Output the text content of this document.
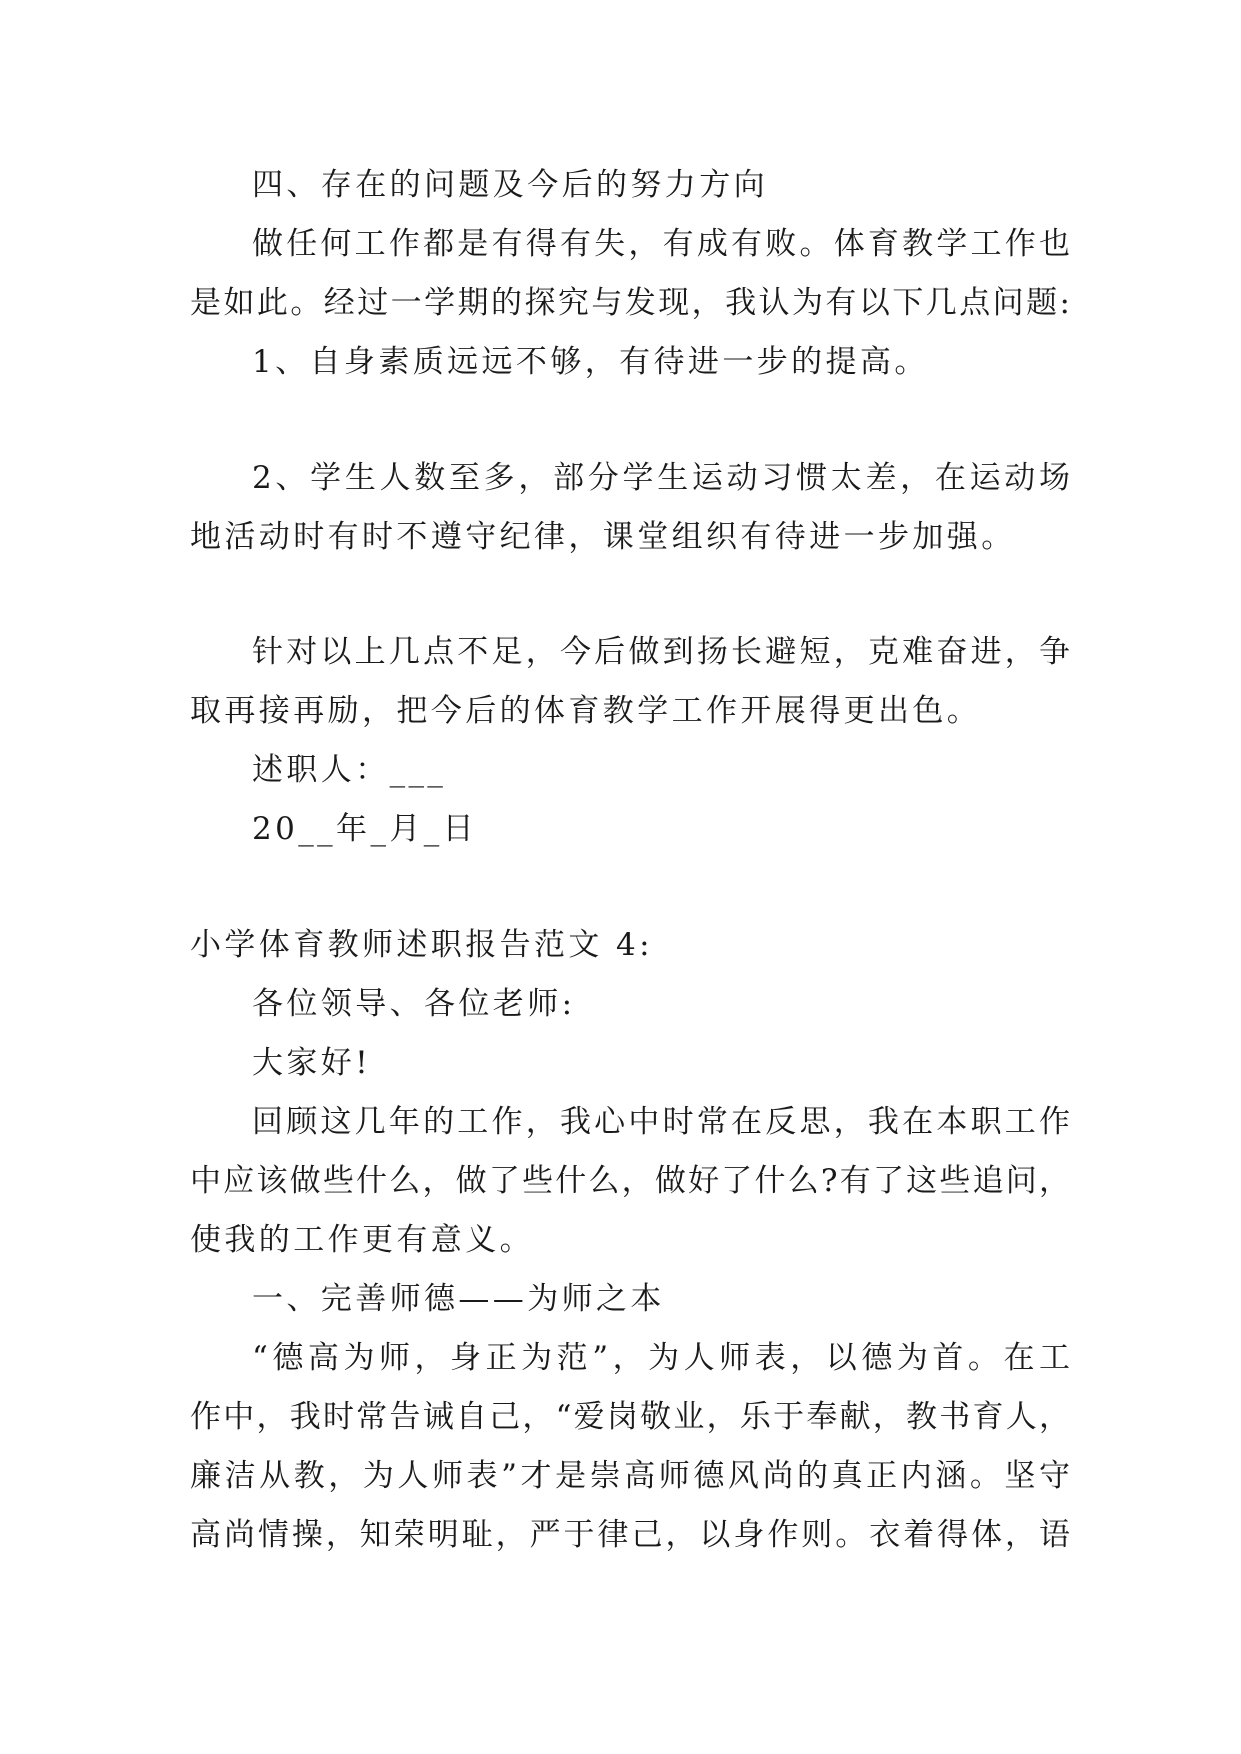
四、存在的问题及今后的努力方向

做任何工作都是有得有失，有成有败。体育教学工作也

是如此。经过一学期的探究与发现，我认为有以下几点问题:

1、自身素质远远不够，有待进一步的提高。

2、学生人数至多，部分学生运动习惯太差，在运动场

地活动时有时不遵守纪律，课堂组织有待进一步加强。

针对以上几点不足，今后做到扬长避短，克难奋进，争

取再接再励，把今后的体育教学工作开展得更出色。

述职人：___

20__年_月_日

小学体育教师述职报告范文 4:

各位领导、各位老师:

大家好!

回顾这几年的工作，我心中时常在反思，我在本职工作

中应该做些什么，做了些什么，做好了什么?有了这些追问，

使我的工作更有意义。

一、完善师德——为师之本

“德高为师，身正为范”，为人师表，以德为首。在工

作中，我时常告诫自己，“爱岗敬业，乐于奉献，教书育人，

廉洁从教，为人师表”才是崇高师德风尚的真正内涵。坚守

高尚情操，知荣明耻，严于律己，以身作则。衣着得体，语
